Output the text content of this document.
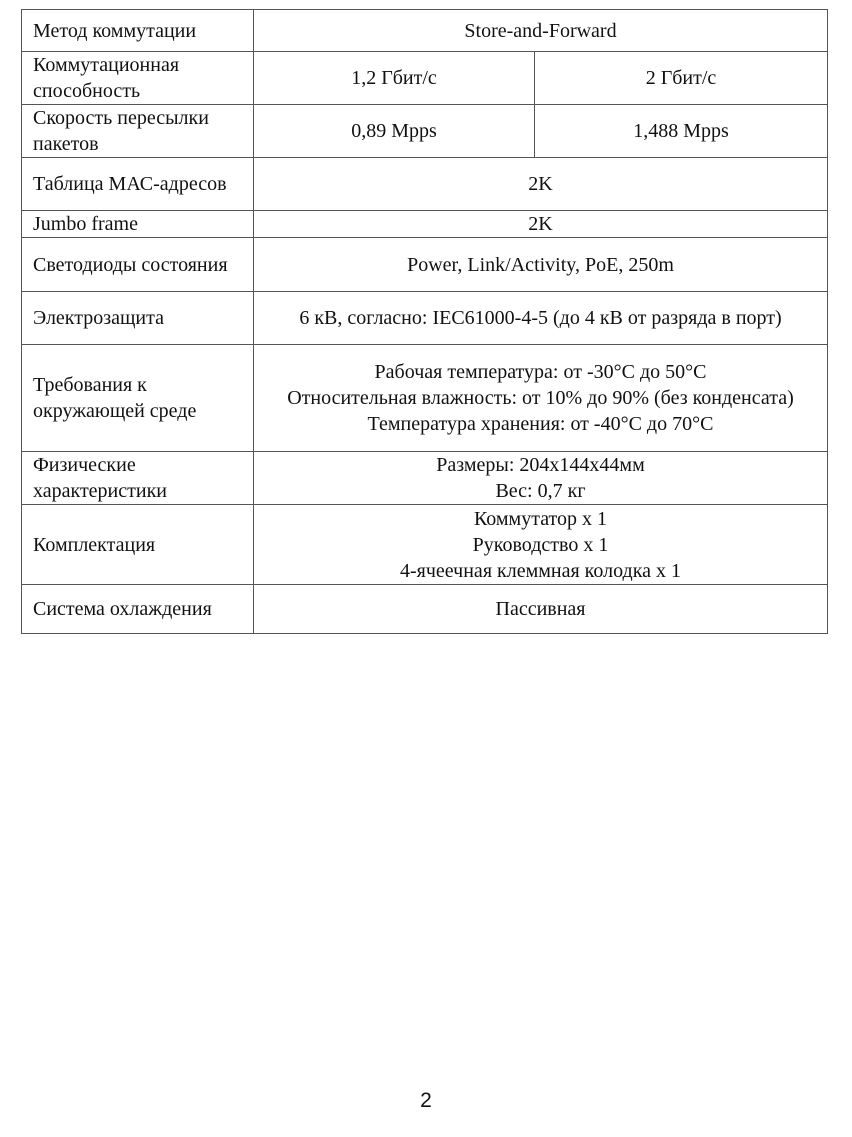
Метод коммутации	Store-and-Forward	
Коммутационная способность	1,2 Гбит/с	2 Гбит/с
Скорость пересылки пакетов	0,89 Mpps	1,488 Mpps
Таблица МАС-адресов	2K	
Jumbo frame	2K	
Светодиоды состояния	Power, Link/Activity, PoE, 250m	
Электрозащита	6 кВ, согласно: IEC61000-4-5 (до 4 кВ от разряда в порт)	
Требования к окружающей среде	Рабочая температура: от -30°C до 50°C
Относительная влажность: от 10% до 90% (без конденсата)
Температура хранения: от -40°C до 70°C	

Физические характеристики	Размеры: 204x144x44мм
Вес: 0,7 кг	

Комплектация	Коммутатор х 1
Руководство х 1
4-ячеечная клеммная колодка х 1	

Система охлаждения	Пассивная	
2
